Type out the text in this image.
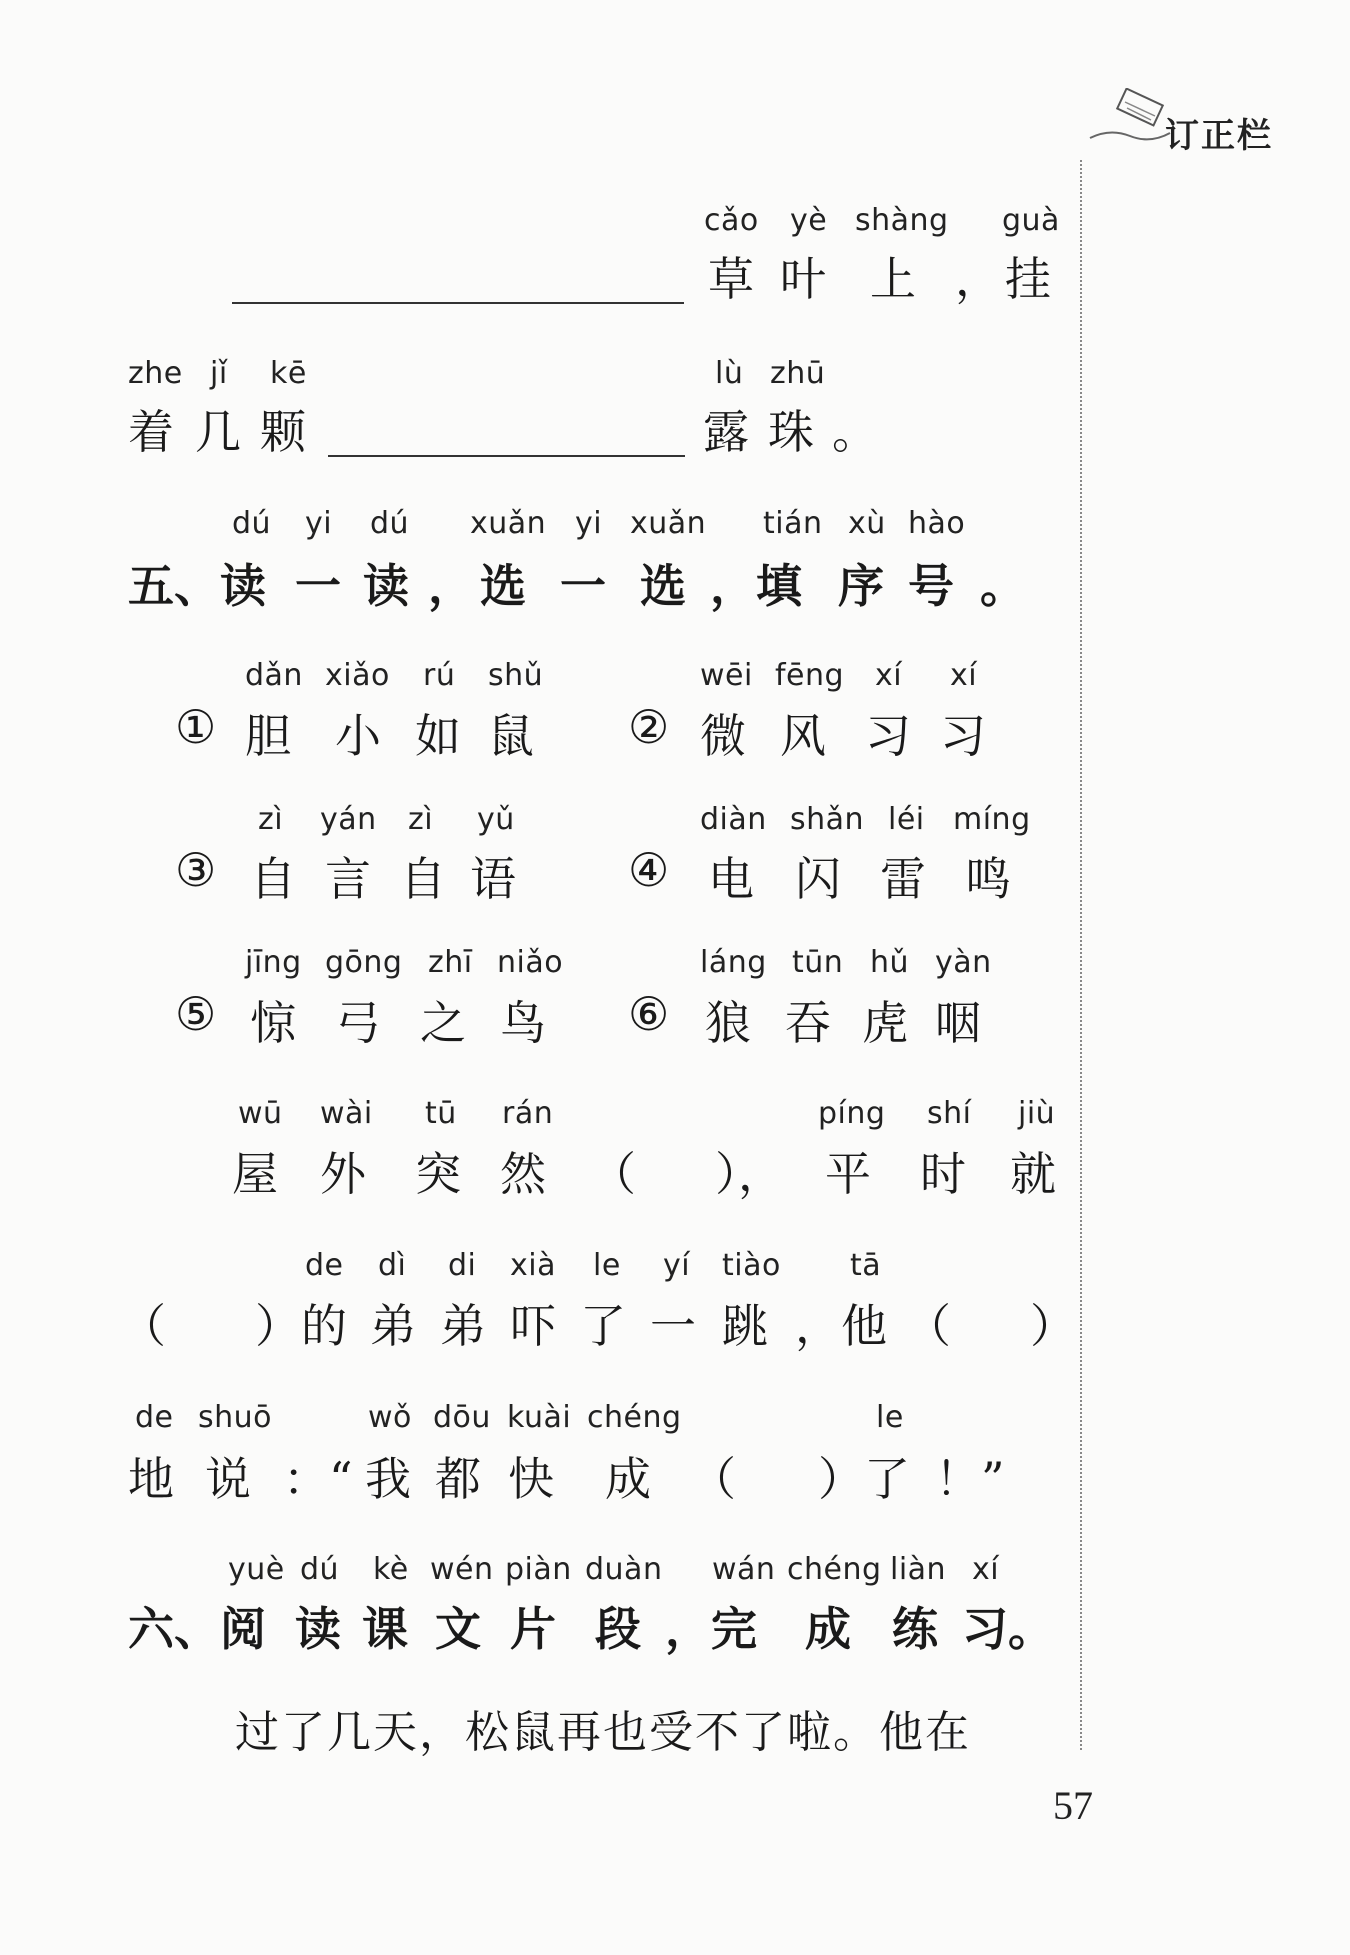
订正栏
cǎo yè shàng guà
草 叶 上 ， 挂
zhe jǐ kē
着 几 颗
lù zhū
露 珠 。
dú yi dú xuǎn yi xuǎn tián xù hào
五、读 一 读 ， 选 一 选 ，填 序 号 。
dǎn xiǎo rú shǔ
① 胆 小 如 鼠
wēi fēng xí xí
② 微 风 习 习
zì yán zì yǔ
③ 自 言 自 语
diàn shǎn léi míng
④ 电 闪 雷 鸣
jīng gōng zhī niǎo
⑤ 惊 弓 之 鸟
láng tūn hǔ yàn
⑥ 狼 吞 虎 咽
wū wài tū rán	píng shí jiù
屋 外 突 然 （ ）， 平 时 就
de dì di xià le yí tiào tā
（ ）的 弟 弟 吓 了 一 跳 ，他 （ ）
de shuō	wǒ dōu kuài chéng	le
地 说 ：“ 我 都 快 成 （ ）了 ！”
yuè dú kè wén piàn duàn wán chéng liàn xí
六、阅 读 课 文 片 段 ，完 成 练 习。
过了几天，松鼠再也受不了啦。他在
57
